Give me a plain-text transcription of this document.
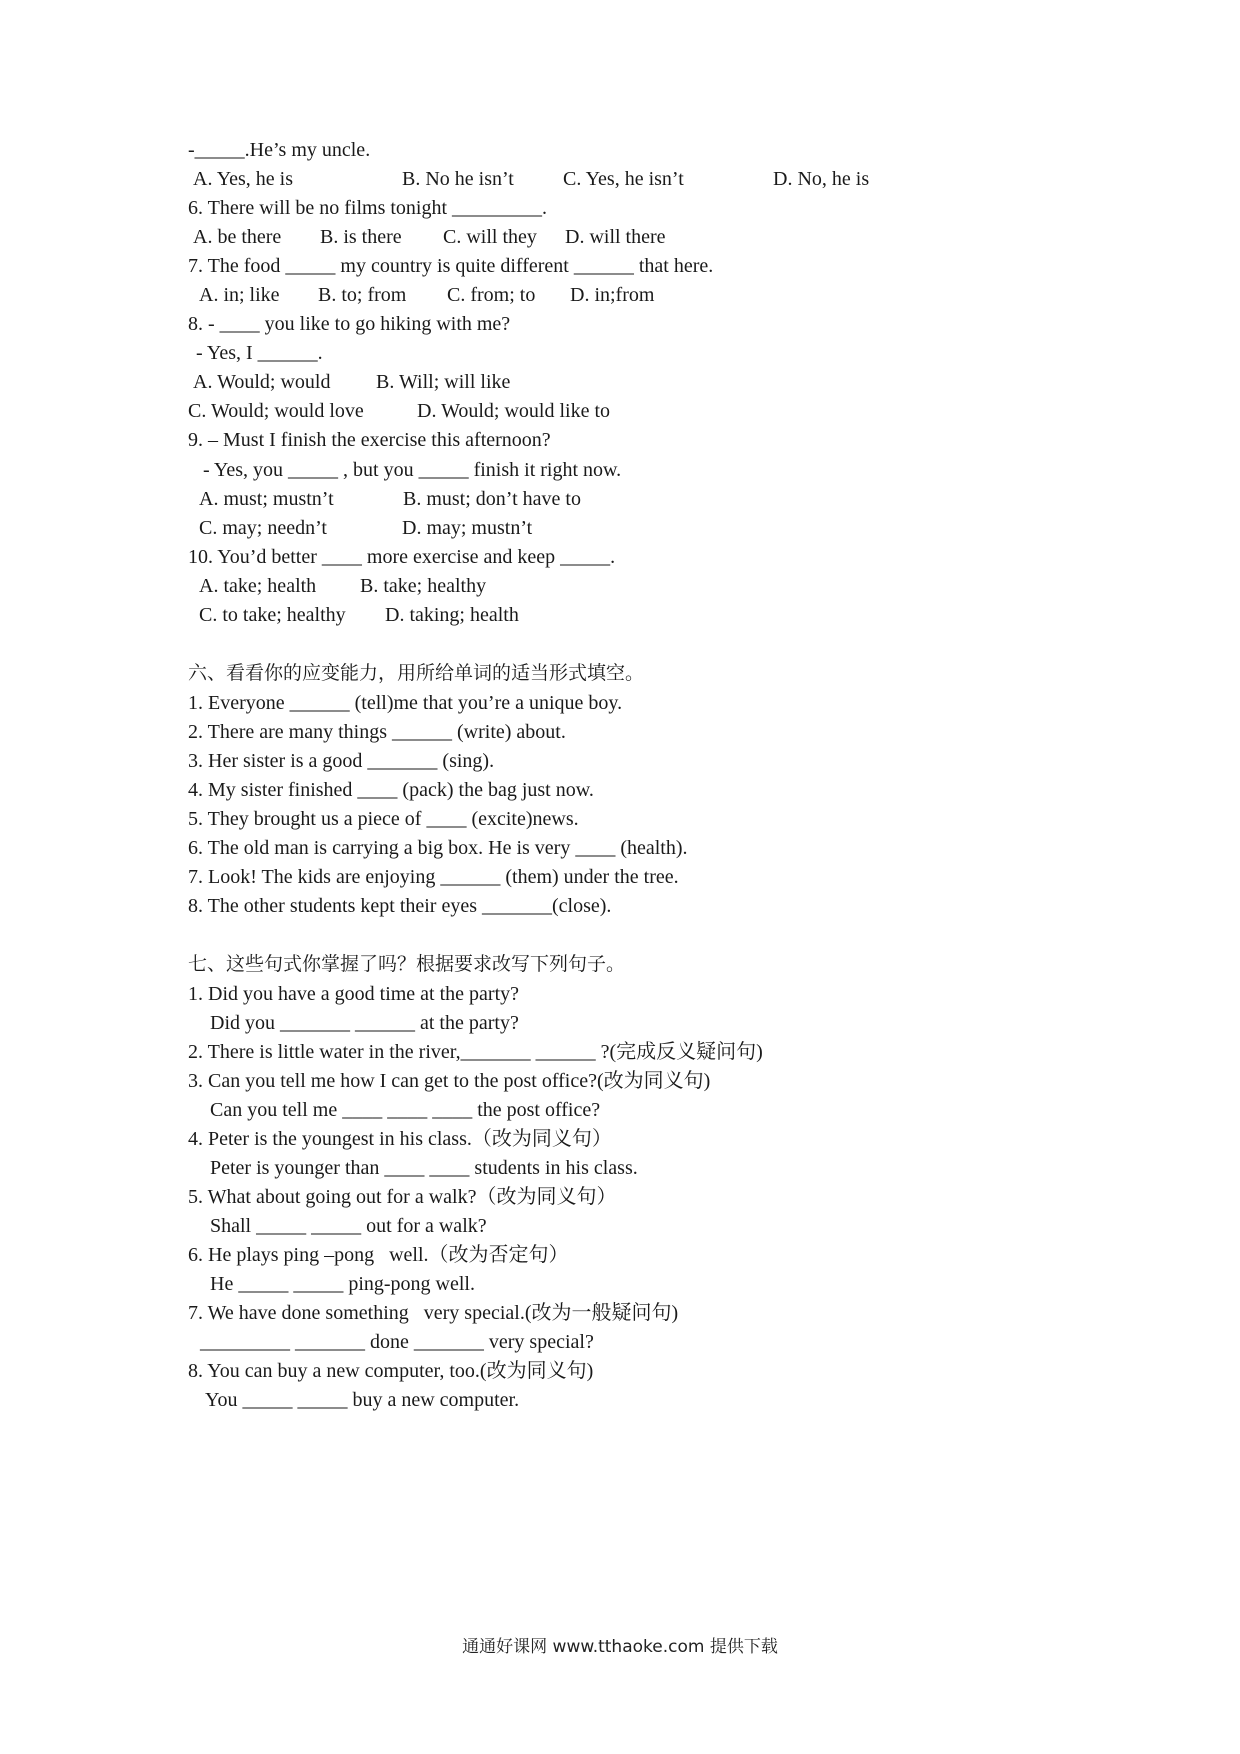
-_____.He’s my uncle.
A. Yes, he is	B. No he isn’t C. Yes, he isn’t	D. No, he is
6. There will be no films tonight _________.
A. be there B. is there C. will they D. will there
7. The food _____ my country is quite different ______ that here.
A. in; like B. to; from C. from; to D. in;from
8. - ____ you like to go hiking with me?
- Yes, I ______.
A. Would; would B. Will; will like
C. Would; would love	D. Would; would like to
9. – Must I finish the exercise this afternoon?
- Yes, you _____ , but you _____ finish it right now.
A. must; mustn’t	B. must; don’t have to
C. may; needn’t	D. may; mustn’t
10. You’d better ____ more exercise and keep _____.
A. take; health B. take; healthy
C. to take; healthy D. taking; health
六、看看你的应变能力，用所给单词的适当形式填空。
1. Everyone ______ (tell)me that you’re a unique boy.
2. There are many things ______ (write) about.
3. Her sister is a good _______ (sing).
4. My sister finished ____ (pack) the bag just now.
5. They brought us a piece of ____ (excite)news.
6. The old man is carrying a big box. He is very ____ (health).
7. Look! The kids are enjoying ______ (them) under the tree.
8. The other students kept their eyes _______(close).
七、这些句式你掌握了吗？根据要求改写下列句子。
1. Did you have a good time at the party?
Did you _______ ______ at the party?
2. There is little water in the river,_______ ______ ?(完成反义疑问句)
3. Can you tell me how I can get to the post office?(改为同义句)
Can you tell me ____ ____ ____ the post office?
4. Peter is the youngest in his class.（改为同义句）
Peter is younger than ____ ____ students in his class.
5. What about going out for a walk?（改为同义句）
Shall _____ _____ out for a walk?
6. He plays ping –pong   well.（改为否定句）
He _____ _____ ping-pong well.
7. We have done something   very special.(改为一般疑问句)
_________ _______ done _______ very special?
8. You can buy a new computer, too.(改为同义句)
You _____ _____ buy a new computer.
通通好课网 www.tthaoke.com 提供下载
